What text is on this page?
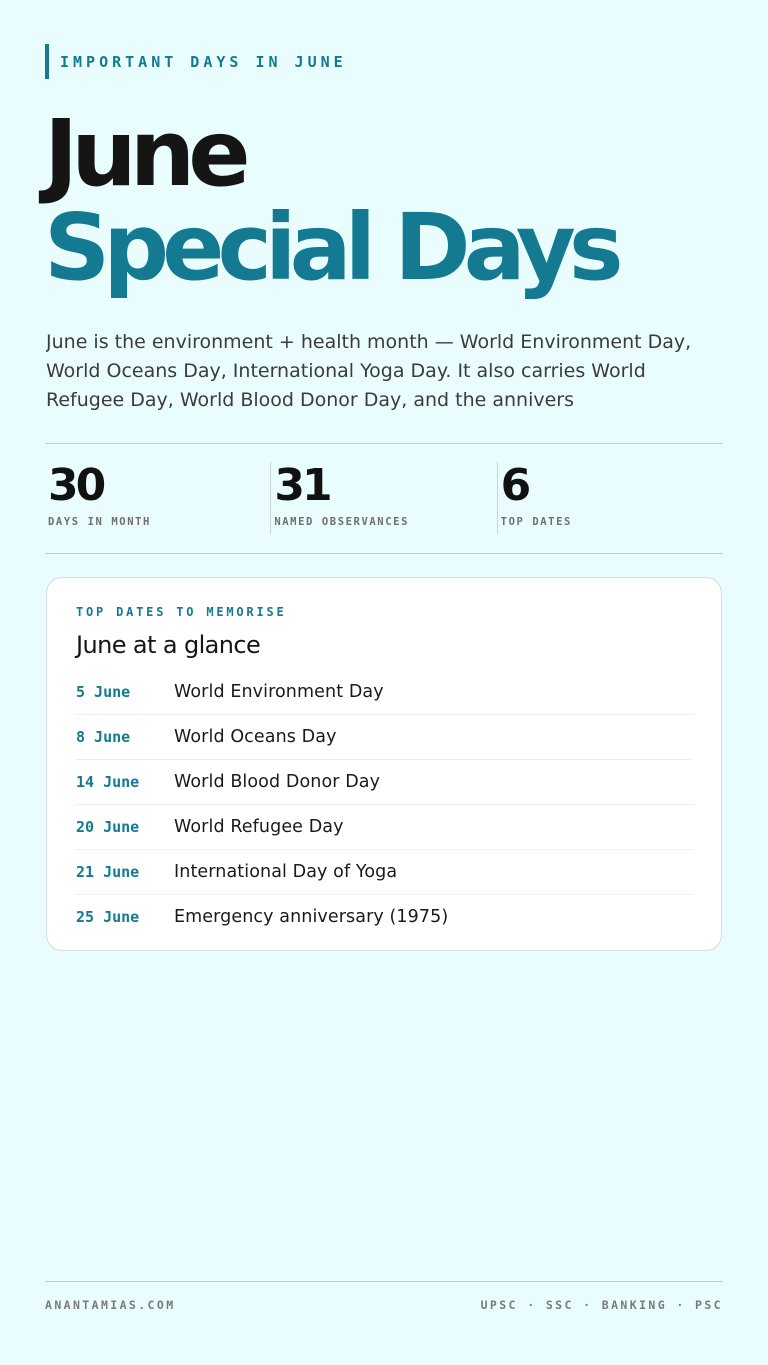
IMPORTANT DAYS IN JUNE
June
Special Days
June is the environment + health month — World Environment Day,
World Oceans Day, International Yoga Day. It also carries World
Refugee Day, World Blood Donor Day, and the annivers
30
DAYS IN MONTH
31
NAMED OBSERVANCES
6
TOP DATES
TOP DATES TO MEMORISE
June at a glance
5 June	World Environment Day
8 June	World Oceans Day
14 June	World Blood Donor Day
20 June	World Refugee Day
21 June	International Day of Yoga
25 June	Emergency anniversary (1975)
ANANTAMIAS.COM	UPSC · SSC · BANKING · PSC
